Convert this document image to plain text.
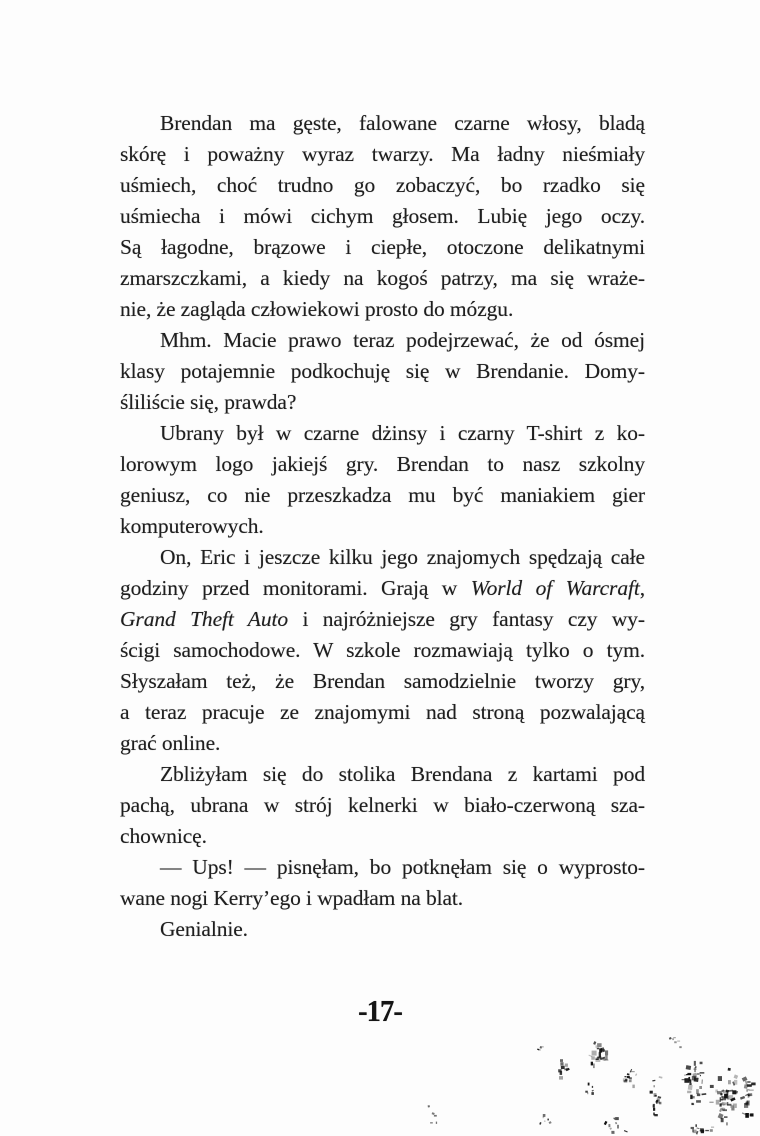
Brendan ma gęste, falowane czarne włosy, bladą
skórę i poważny wyraz twarzy. Ma ładny nieśmiały
uśmiech, choć trudno go zobaczyć, bo rzadko się
uśmiecha i mówi cichym głosem. Lubię jego oczy.
Są łagodne, brązowe i ciepłe, otoczone delikatnymi
zmarszczkami, a kiedy na kogoś patrzy, ma się wraże-
nie, że zagląda człowiekowi prosto do mózgu.
Mhm. Macie prawo teraz podejrzewać, że od ósmej
klasy potajemnie podkochuję się w Brendanie. Domy-
śliliście się, prawda?
Ubrany był w czarne dżinsy i czarny T-shirt z ko-
lorowym logo jakiejś gry. Brendan to nasz szkolny
geniusz, co nie przeszkadza mu być maniakiem gier
komputerowych.
On, Eric i jeszcze kilku jego znajomych spędzają całe
godziny przed monitorami. Grają w World of Warcraft,
Grand Theft Auto i najróżniejsze gry fantasy czy wy-
ścigi samochodowe. W szkole rozmawiają tylko o tym.
Słyszałam też, że Brendan samodzielnie tworzy gry,
a teraz pracuje ze znajomymi nad stroną pozwalającą
grać online.
Zbliżyłam się do stolika Brendana z kartami pod
pachą, ubrana w strój kelnerki w biało-czerwoną sza-
chownicę.
— Ups! — pisnęłam, bo potknęłam się o wyprosto-
wane nogi Kerry’ego i wpadłam na blat.
Genialnie.
-17-
